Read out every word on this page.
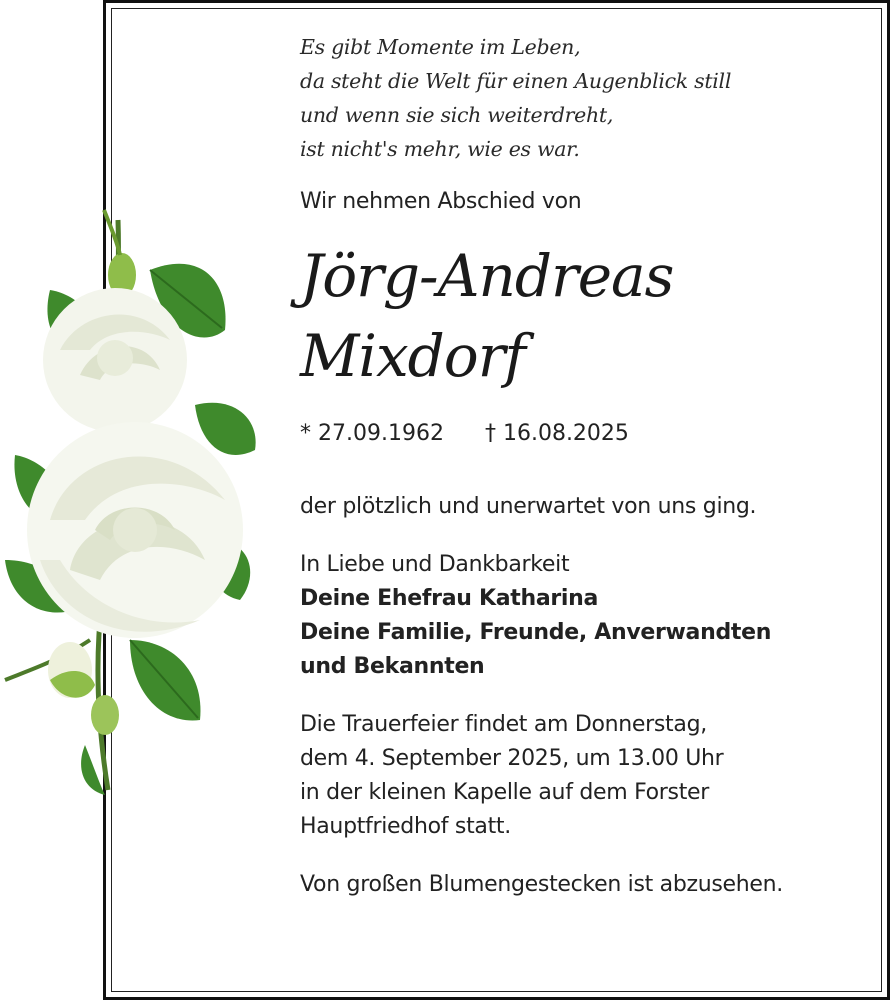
Es gibt Momente im Leben,
da steht die Welt für einen Augenblick still
und wenn sie sich weiterdreht,
ist nicht's mehr, wie es war.
Wir nehmen Abschied von
Jörg-Andreas
Mixdorf
* 27.09.1962 † 16.08.2025
der plötzlich und unerwartet von uns ging.
In Liebe und Dankbarkeit
Deine Ehefrau Katharina
Deine Familie, Freunde, Anverwandten
und Bekannten
Die Trauerfeier findet am Donnerstag,
dem 4. September 2025, um 13.00 Uhr
in der kleinen Kapelle auf dem Forster
Hauptfriedhof statt.
Von großen Blumengestecken ist abzusehen.
